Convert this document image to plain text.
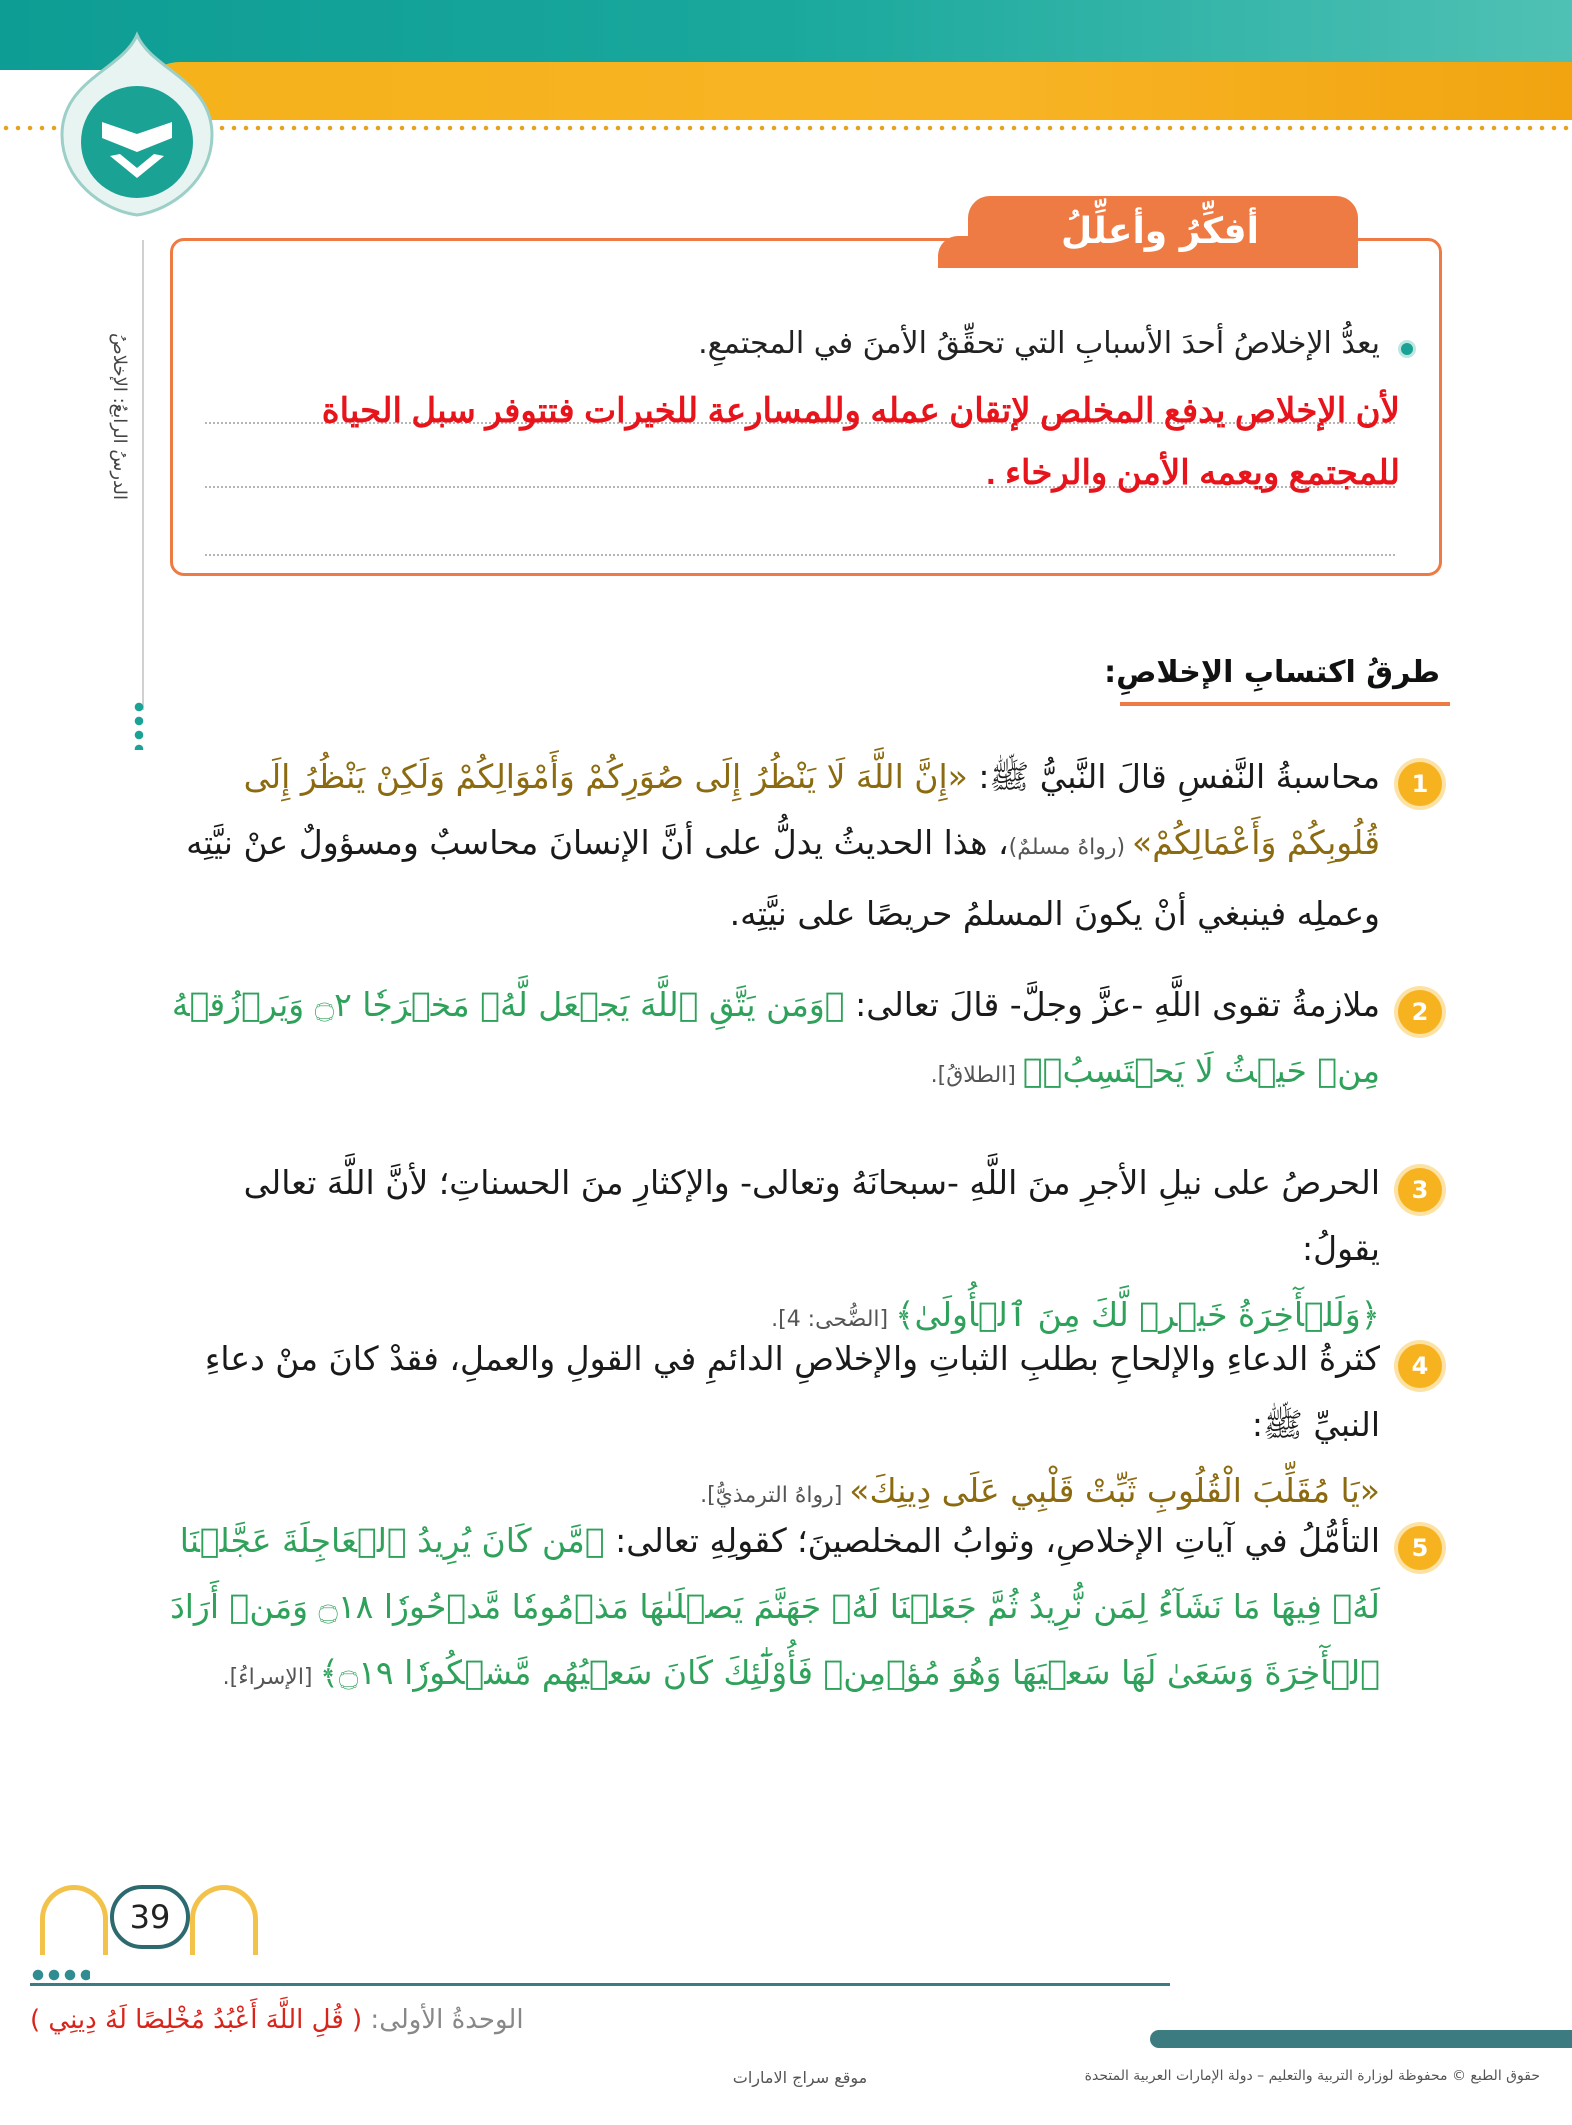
الدرسُ الرابعُ: الإخلاصُ
أفكِّرُ وأعلِّلُ
يعدُّ الإخلاصُ أحدَ الأسبابِ التي تحقِّقُ الأمنَ في المجتمعِ.
لأن الإخلاص يدفع المخلص لإتقان عمله وللمسارعة للخيرات فتتوفر سبل الحياة
للمجتمع ويعمه الأمن والرخاء .
طرقُ اكتسابِ الإخلاصِ:
1
محاسبةُ النَّفسِ قالَ النَّبيُّ ﷺ: «إِنَّ اللَّهَ لَا يَنْظُرُ إِلَى صُوَرِكُمْ وَأَمْوَالِكُمْ وَلَكِنْ يَنْظُرُ إِلَى قُلُوبِكُمْ وَأَعْمَالِكُمْ» (رواهُ مسلمٌ)، هذا الحديثُ يدلُّ على أنَّ الإنسانَ محاسبٌ ومسؤولٌ عنْ نيَّتِه وعملِه فينبغي أنْ يكونَ المسلمُ حريصًا على نيَّتِه.
2
ملازمةُ تقوى اللَّهِ -عزَّ وجلَّ- قالَ تعالى: ﴿وَمَن يَتَّقِ ٱللَّهَ يَجۡعَل لَّهُۥ مَخۡرَجٗا ۝٢ وَيَرۡزُقۡهُ مِنۡ حَيۡثُ لَا يَحۡتَسِبُۚ﴾ [الطلاقُ].
3
الحرصُ على نيلِ الأجرِ منَ اللَّهِ -سبحانَهُ وتعالى- والإكثارِ منَ الحسناتِ؛ لأنَّ اللَّهَ تعالى يقولُ:
﴿وَلَلۡأٓخِرَةُ خَيۡرٞ لَّكَ مِنَ ٱلۡأُولَىٰ﴾ [الضُّحى: 4].
4
كثرةُ الدعاءِ والإلحاحِ بطلبِ الثباتِ والإخلاصِ الدائمِ في القولِ والعملِ، فقدْ كانَ منْ دعاءِ النبيِّ ﷺ:
«يَا مُقَلِّبَ الْقُلُوبِ ثَبِّتْ قَلْبِي عَلَى دِينِكَ» [رواهُ الترمذيُّ].
5
التأمُّلُ في آياتِ الإخلاصِ، وثوابُ المخلصينَ؛ كقولِهِ تعالى: ﴿مَّن كَانَ يُرِيدُ ٱلۡعَاجِلَةَ عَجَّلۡنَا لَهُۥ فِيهَا مَا نَشَآءُ لِمَن نُّرِيدُ ثُمَّ جَعَلۡنَا لَهُۥ جَهَنَّمَ يَصۡلَىٰهَا مَذۡمُومٗا مَّدۡحُورٗا ۝١٨ وَمَنۡ أَرَادَ ٱلۡأٓخِرَةَ وَسَعَىٰ لَهَا سَعۡيَهَا وَهُوَ مُؤۡمِنٞ فَأُوْلَٰٓئِكَ كَانَ سَعۡيُهُم مَّشۡكُورٗا ۝١٩﴾ [الإسراءُ].
39
الوحدةُ الأولى: ( قُلِ اللَّهَ أَعْبُدُ مُخْلِصًا لَهُ دِينِي )
حقوق الطبع © محفوظة لوزارة التربية والتعليم – دولة الإمارات العربية المتحدة
موقع سراج الامارات
